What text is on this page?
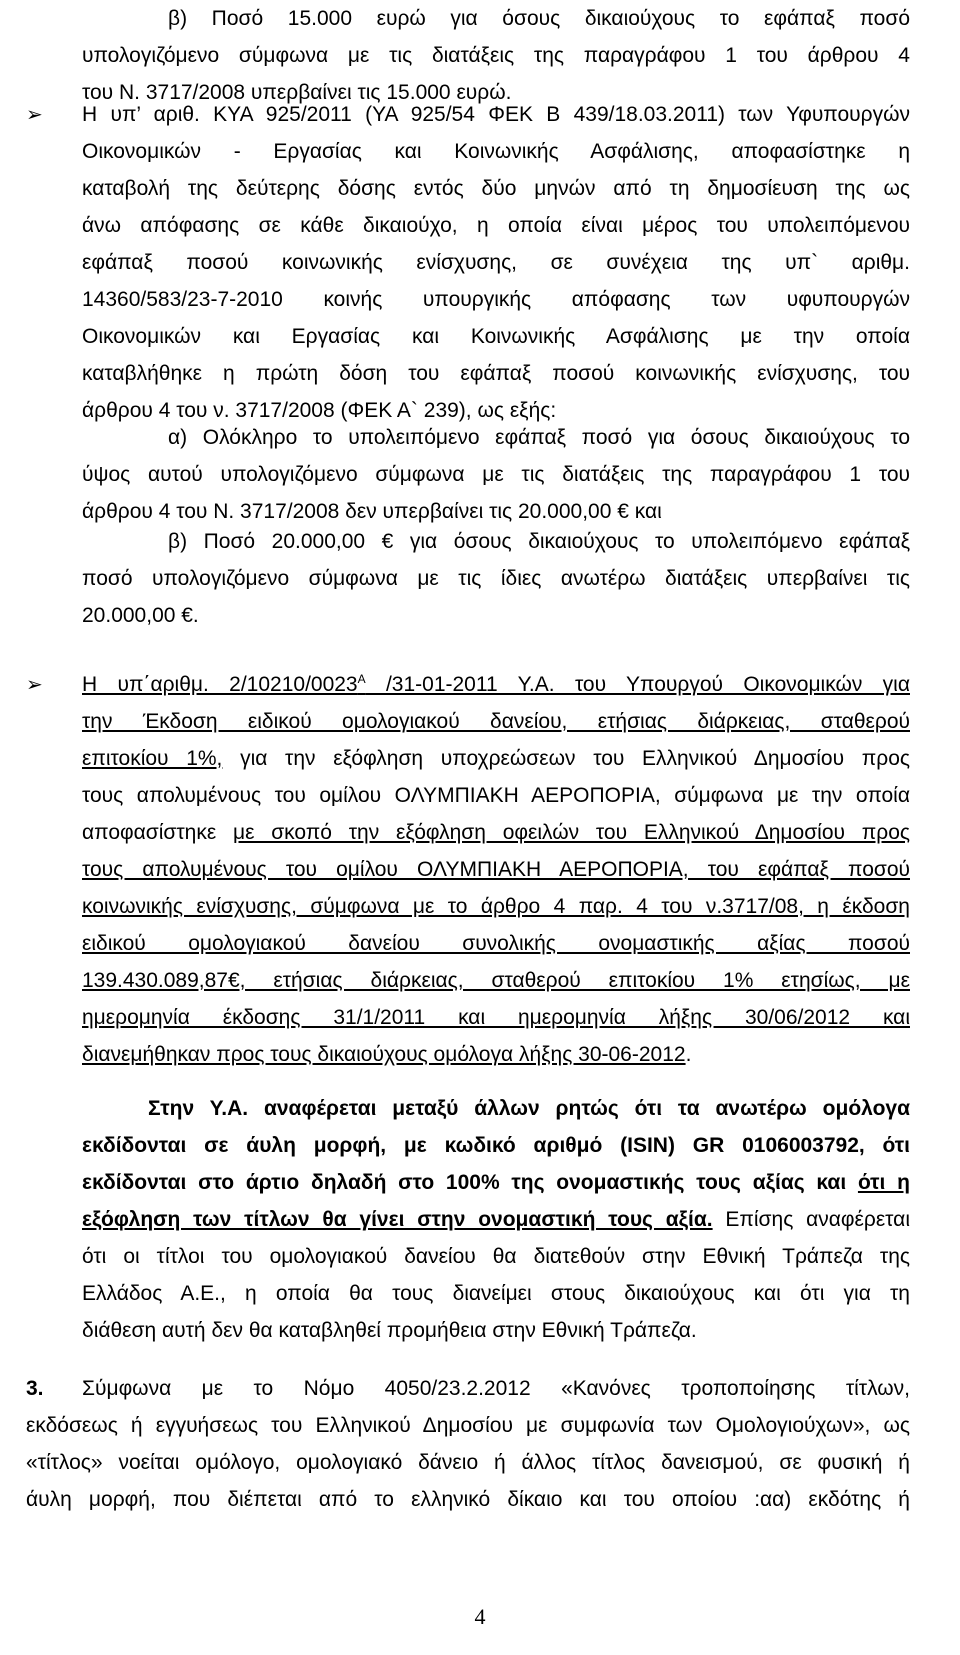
➢
➢
3.
β) Ποσό 15.000 ευρώ για όσους δικαιούχους το εφάπαξ ποσό
υπολογιζόμενο σύμφωνα με τις διατάξεις της παραγράφου 1 του άρθρου 4
του Ν. 3717/2008 υπερβαίνει τις 15.000 ευρώ.
Η υπ’ αριθ. ΚΥΑ 925/2011 (ΥΑ 925/54 ΦΕΚ Β 439/18.03.2011) των Υφυπουργών
Οικονομικών - Εργασίας και Κοινωνικής Ασφάλισης, αποφασίστηκε η
καταβολή της δεύτερης δόσης εντός δύο μηνών από τη δημοσίευση της ως
άνω απόφασης σε κάθε δικαιούχο, η οποία είναι μέρος του υπολειπόμενου
εφάπαξ ποσού κοινωνικής ενίσχυσης, σε συνέχεια της υπ` αριθμ.
14360/583/23-7-2010 κοινής υπουργικής απόφασης των υφυπουργών
Οικονομικών και Εργασίας και Κοινωνικής Ασφάλισης με την οποία
καταβλήθηκε η πρώτη δόση του εφάπαξ ποσού κοινωνικής ενίσχυσης, του
άρθρου 4 του ν. 3717/2008 (ΦΕΚ Α` 239), ως εξής:
α) Ολόκληρο το υπολειπόμενο εφάπαξ ποσό για όσους δικαιούχους το
ύψος αυτού υπολογιζόμενο σύμφωνα με τις διατάξεις της παραγράφου 1 του
άρθρου 4 του Ν. 3717/2008 δεν υπερβαίνει τις 20.000,00 € και
β) Ποσό 20.000,00 € για όσους δικαιούχους το υπολειπόμενο εφάπαξ
ποσό υπολογιζόμενο σύμφωνα με τις ίδιες ανωτέρω διατάξεις υπερβαίνει τις
20.000,00 €.
Η υπ΄αριθμ. $2/10210/0023^A$ /31-01-2011 Υ.Α. του Υπουργού Οικονομικών για
την Έκδοση ειδικού ομολογιακού δανείου, ετήσιας διάρκειας, σταθερού
επιτοκίου 1%, για την εξόφληση υποχρεώσεων του Ελληνικού Δημοσίου προς
τους απολυμένους του ομίλου ΟΛΥΜΠΙΑΚΗ ΑΕΡΟΠΟΡΙΑ, σύμφωνα με την οποία
αποφασίστηκε με σκοπό την εξόφληση οφειλών του Ελληνικού Δημοσίου προς
τους απολυμένους του ομίλου ΟΛΥΜΠΙΑΚΗ ΑΕΡΟΠΟΡΙΑ, του εφάπαξ ποσού
κοινωνικής ενίσχυσης, σύμφωνα με το άρθρο 4 παρ. 4 του ν.3717/08, η έκδοση
ειδικού ομολογιακού δανείου συνολικής ονομαστικής αξίας ποσού
139.430.089,87€, ετήσιας διάρκειας, σταθερού επιτοκίου 1% ετησίως, με
ημερομηνία έκδοσης 31/1/2011 και ημερομηνία λήξης 30/06/2012 και
διανεμήθηκαν προς τους δικαιούχους ομόλογα λήξης 30-06-2012.
Στην Υ.Α. αναφέρεται μεταξύ άλλων ρητώς ότι τα ανωτέρω ομόλογα
εκδίδονται σε άυλη μορφή, με κωδικό αριθμό (ISIN) GR 0106003792, ότι
εκδίδονται στο άρτιο δηλαδή στο 100% της ονομαστικής τους αξίας και ότι η
εξόφληση των τίτλων θα γίνει στην ονομαστική τους αξία. Επίσης αναφέρεται
ότι οι τίτλοι του ομολογιακού δανείου θα διατεθούν στην Εθνική Τράπεζα της
Ελλάδος Α.Ε., η οποία θα τους διανείμει στους δικαιούχους και ότι για τη
διάθεση αυτή δεν θα καταβληθεί προμήθεια στην Εθνική Τράπεζα.
Σύμφωνα με το Νόμο 4050/23.2.2012 «Κανόνες τροποποίησης τίτλων,
εκδόσεως ή εγγυήσεως του Ελληνικού Δημοσίου με συμφωνία των Ομολογιούχων», ως
«τίτλος» νοείται ομόλογο, ομολογιακό δάνειο ή άλλος τίτλος δανεισμού, σε φυσική ή
άυλη μορφή, που διέπεται από το ελληνικό δίκαιο και του οποίου :αα) εκδότης ή
4
